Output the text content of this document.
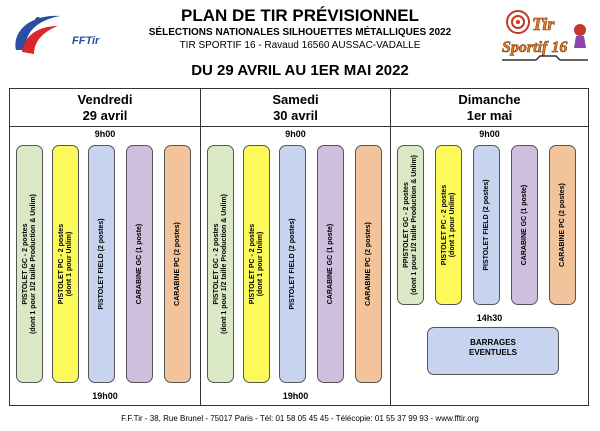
FFTir
Tir
Sportif 16
PLAN DE TIR PRÉVISIONNEL
SÉLECTIONS NATIONALES SILHOUETTES MÉTALLIQUES 2022
TIR SPORTIF 16 - Ravaud 16560 AUSSAC-VADALLE
DU 29 AVRIL AU 1ER MAI 2022
Vendredi
29 avril
9h00
PISTOLET GC - 2 postes (dont 1 pour 1/2 taille Production & Unlim)	PISTOLET PC - 2 postes (dont 1 pour Unlim)	PISTOLET FIELD (2 postes)	CARABINE GC (1 poste)	CARABINE PC (2 postes)
19h00
Samedi
30 avril
9h00
PISTOLET GC - 2 postes (dont 1 pour 1/2 taille Production & Unlim)	PISTOLET PC - 2 postes (dont 1 pour Unlim)	PISTOLET FIELD (2 postes)	CARABINE GC (1 poste)	CARABINE PC (2 postes)
19h00
Dimanche
1er mai
9h00
PPISTOLET GC - 2 postes (dont 1 pour 1/2 taille Production & Unlim)	PISTOLET PC - 2 postes (dont 1 pour Unlim)	PISTOLET FIELD (2 postes)	CARABINE GC (1 poste)	CARABINE PC (2 postes)
14h30
BARRAGES
EVENTUELS
F.F.Tir - 38, Rue Brunel - 75017 Paris - Tél: 01 58 05 45 45 - Télécopie: 01 55 37 99 93 - www.fftir.org
